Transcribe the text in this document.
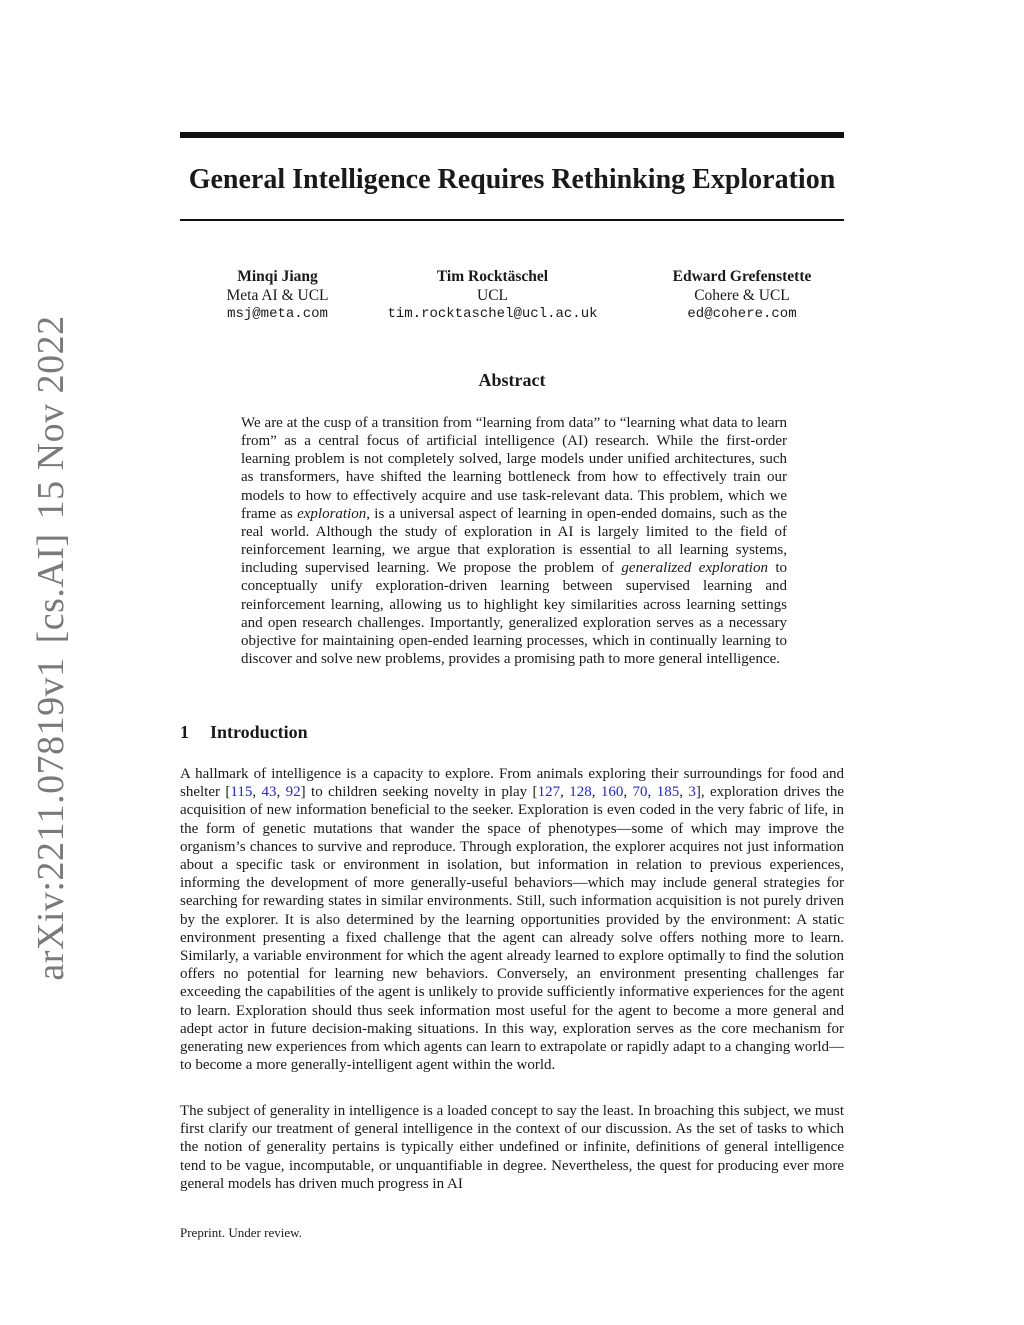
arXiv:2211.07819v1[cs.AI]15 Nov 2022
General Intelligence Requires Rethinking Exploration
Minqi Jiang
Meta AI & UCL
msj@meta.com
Tim Rocktäschel
UCL
tim.rocktaschel@ucl.ac.uk
Edward Grefenstette
Cohere & UCL
ed@cohere.com
Abstract

We are at the cusp of a transition from “learning from data” to “learning what data to learn from” as a central focus of artificial intelligence (AI) research. While the first-order learning problem is not completely solved, large models under unified architectures, such as transformers, have shifted the learning bottleneck from how to effectively train our models to how to effectively acquire and use task-relevant data. This problem, which we frame as exploration, is a universal aspect of learning in open-ended domains, such as the real world. Although the study of exploration in AI is largely limited to the field of reinforcement learning, we argue that exploration is essential to all learning systems, including supervised learning. We propose the problem of generalized exploration to conceptually unify exploration-driven learning between supervised learning and reinforcement learning, allowing us to highlight key similarities across learning settings and open research challenges. Importantly, generalized exploration serves as a necessary objective for maintaining open-ended learning processes, which in continually learning to discover and solve new problems, provides a promising path to more general intelligence.

1 Introduction

A hallmark of intelligence is a capacity to explore. From animals exploring their surroundings for food and shelter [115, 43, 92] to children seeking novelty in play [127, 128, 160, 70, 185, 3], exploration drives the acquisition of new information beneficial to the seeker. Exploration is even coded in the very fabric of life, in the form of genetic mutations that wander the space of phenotypes—some of which may improve the organism’s chances to survive and reproduce. Through exploration, the explorer acquires not just information about a specific task or environment in isolation, but information in relation to previous experiences, informing the development of more generally-useful behaviors—which may include general strategies for searching for rewarding states in similar environments. Still, such information acquisition is not purely driven by the explorer. It is also determined by the learning opportunities provided by the environment: A static environment presenting a fixed challenge that the agent can already solve offers nothing more to learn. Similarly, a variable environment for which the agent already learned to explore optimally to find the solution offers no potential for learning new behaviors. Conversely, an environment presenting challenges far exceeding the capabilities of the agent is unlikely to provide sufficiently informative experiences for the agent to learn. Exploration should thus seek information most useful for the agent to become a more general and adept actor in future decision-making situations. In this way, exploration serves as the core mechanism for generating new experiences from which agents can learn to extrapolate or rapidly adapt to a changing world—to become a more generally-intelligent agent within the world.

The subject of generality in intelligence is a loaded concept to say the least. In broaching this subject, we must first clarify our treatment of general intelligence in the context of our discussion. As the set of tasks to which the notion of generality pertains is typically either undefined or infinite, definitions of general intelligence tend to be vague, incomputable, or unquantifiable in degree. Nevertheless, the quest for producing ever more general models has driven much progress in AI

Preprint. Under review.
